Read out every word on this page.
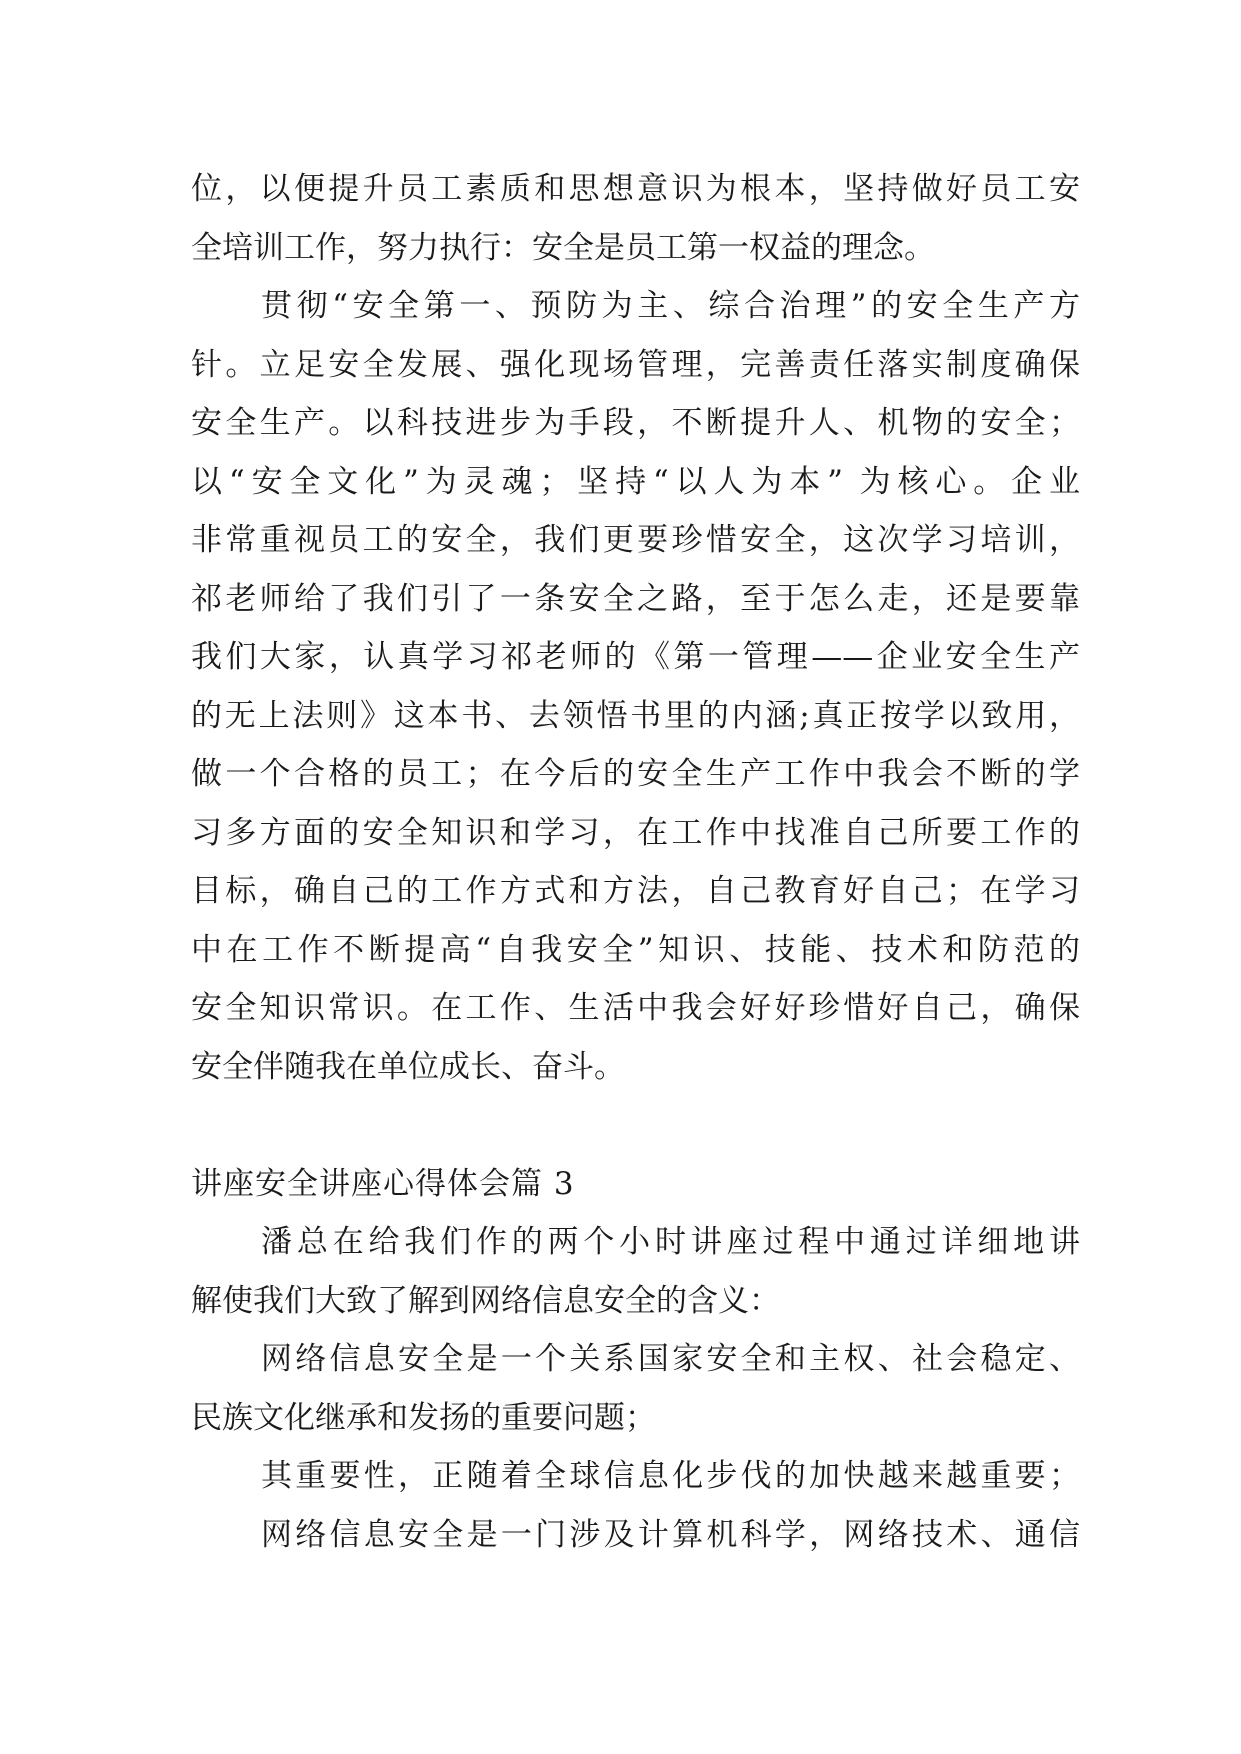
位，以便提升员工素质和思想意识为根本，坚持做好员工安
全培训工作，努力执行：安全是员工第一权益的理念。
贯彻“安全第一、预防为主、综合治理”的安全生产方
针。立足安全发展、强化现场管理，完善责任落实制度确保
安全生产。以科技进步为手段，不断提升人、机物的安全；
以“安全文化”为灵魂；坚持“以人为本” 为核心。企业
非常重视员工的安全，我们更要珍惜安全，这次学习培训，
祁老师给了我们引了一条安全之路，至于怎么走，还是要靠
我们大家，认真学习祁老师的《第一管理——企业安全生产
的无上法则》这本书、去领悟书里的内涵;真正按学以致用，
做一个合格的员工；在今后的安全生产工作中我会不断的学
习多方面的安全知识和学习，在工作中找准自己所要工作的
目标，确自己的工作方式和方法，自己教育好自己；在学习
中在工作不断提高“自我安全”知识、技能、技术和防范的
安全知识常识。在工作、生活中我会好好珍惜好自己，确保
安全伴随我在单位成长、奋斗。
讲座安全讲座心得体会篇 3
潘总在给我们作的两个小时讲座过程中通过详细地讲
解使我们大致了解到网络信息安全的含义：
网络信息安全是一个关系国家安全和主权、社会稳定、
民族文化继承和发扬的重要问题；
其重要性，正随着全球信息化步伐的加快越来越重要；
网络信息安全是一门涉及计算机科学，网络技术、通信
